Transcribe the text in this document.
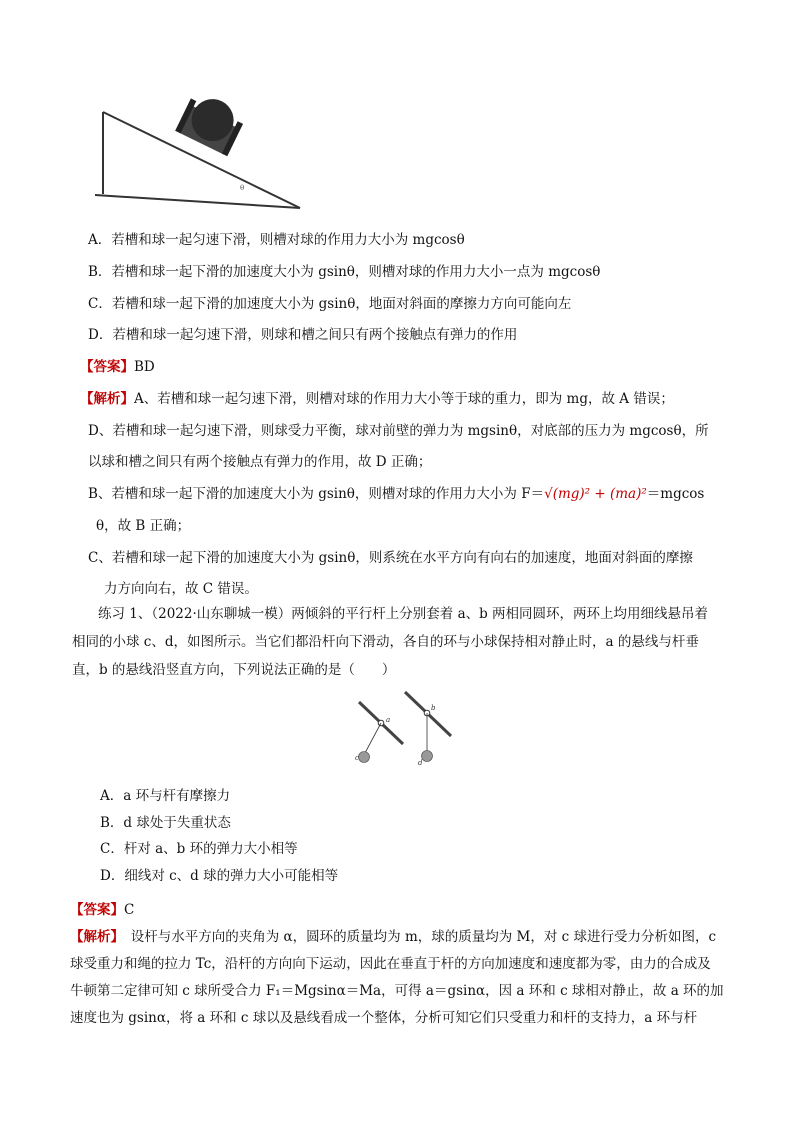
θ
A．若槽和球一起匀速下滑，则槽对球的作用力大小为 mgcosθ
B．若槽和球一起下滑的加速度大小为 gsinθ，则槽对球的作用力大小一点为 mgcosθ
C．若槽和球一起下滑的加速度大小为 gsinθ，地面对斜面的摩擦力方向可能向左
D．若槽和球一起匀速下滑，则球和槽之间只有两个接触点有弹力的作用
【答案】BD
【解析】A、若槽和球一起匀速下滑，则槽对球的作用力大小等于球的重力，即为 mg，故 A 错误；
D、若槽和球一起匀速下滑，则球受力平衡，球对前壁的弹力为 mgsinθ，对底部的压力为 mgcosθ，所
以球和槽之间只有两个接触点有弹力的作用，故 D 正确；
B、若槽和球一起下滑的加速度大小为 gsinθ，则槽对球的作用力大小为 F＝√(mg)² + (ma)²＝mgcos
θ，故 B 正确；
C、若槽和球一起下滑的加速度大小为 gsinθ，则系统在水平方向有向右的加速度，地面对斜面的摩擦
力方向向右，故 C 错误。
练习 1、（2022·山东聊城一模）两倾斜的平行杆上分别套着 a、b 两相同圆环，两环上均用细线悬吊着
相同的小球 c、d，如图所示。当它们都沿杆向下滑动，各自的环与小球保持相对静止时，a 的悬线与杆垂
直，b 的悬线沿竖直方向，下列说法正确的是（　　）
a
b
c
d
A．a 环与杆有摩擦力
B．d 球处于失重状态
C．杆对 a、b 环的弹力大小相等
D．细线对 c、d 球的弹力大小可能相等
【答案】C
【解析】　 设杆与水平方向的夹角为 α，圆环的质量均为 m，球的质量均为 M，对 c 球进行受力分析如图，c
球受重力和绳的拉力 Tc，沿杆的方向向下运动，因此在垂直于杆的方向加速度和速度都为零，由力的合成及
牛顿第二定律可知 c 球所受合力 F₁＝Mgsinα＝Ma，可得 a＝gsinα，因 a 环和 c 球相对静止，故 a 环的加
速度也为 gsinα，将 a 环和 c 球以及悬线看成一个整体，分析可知它们只受重力和杆的支持力，a 环与杆
